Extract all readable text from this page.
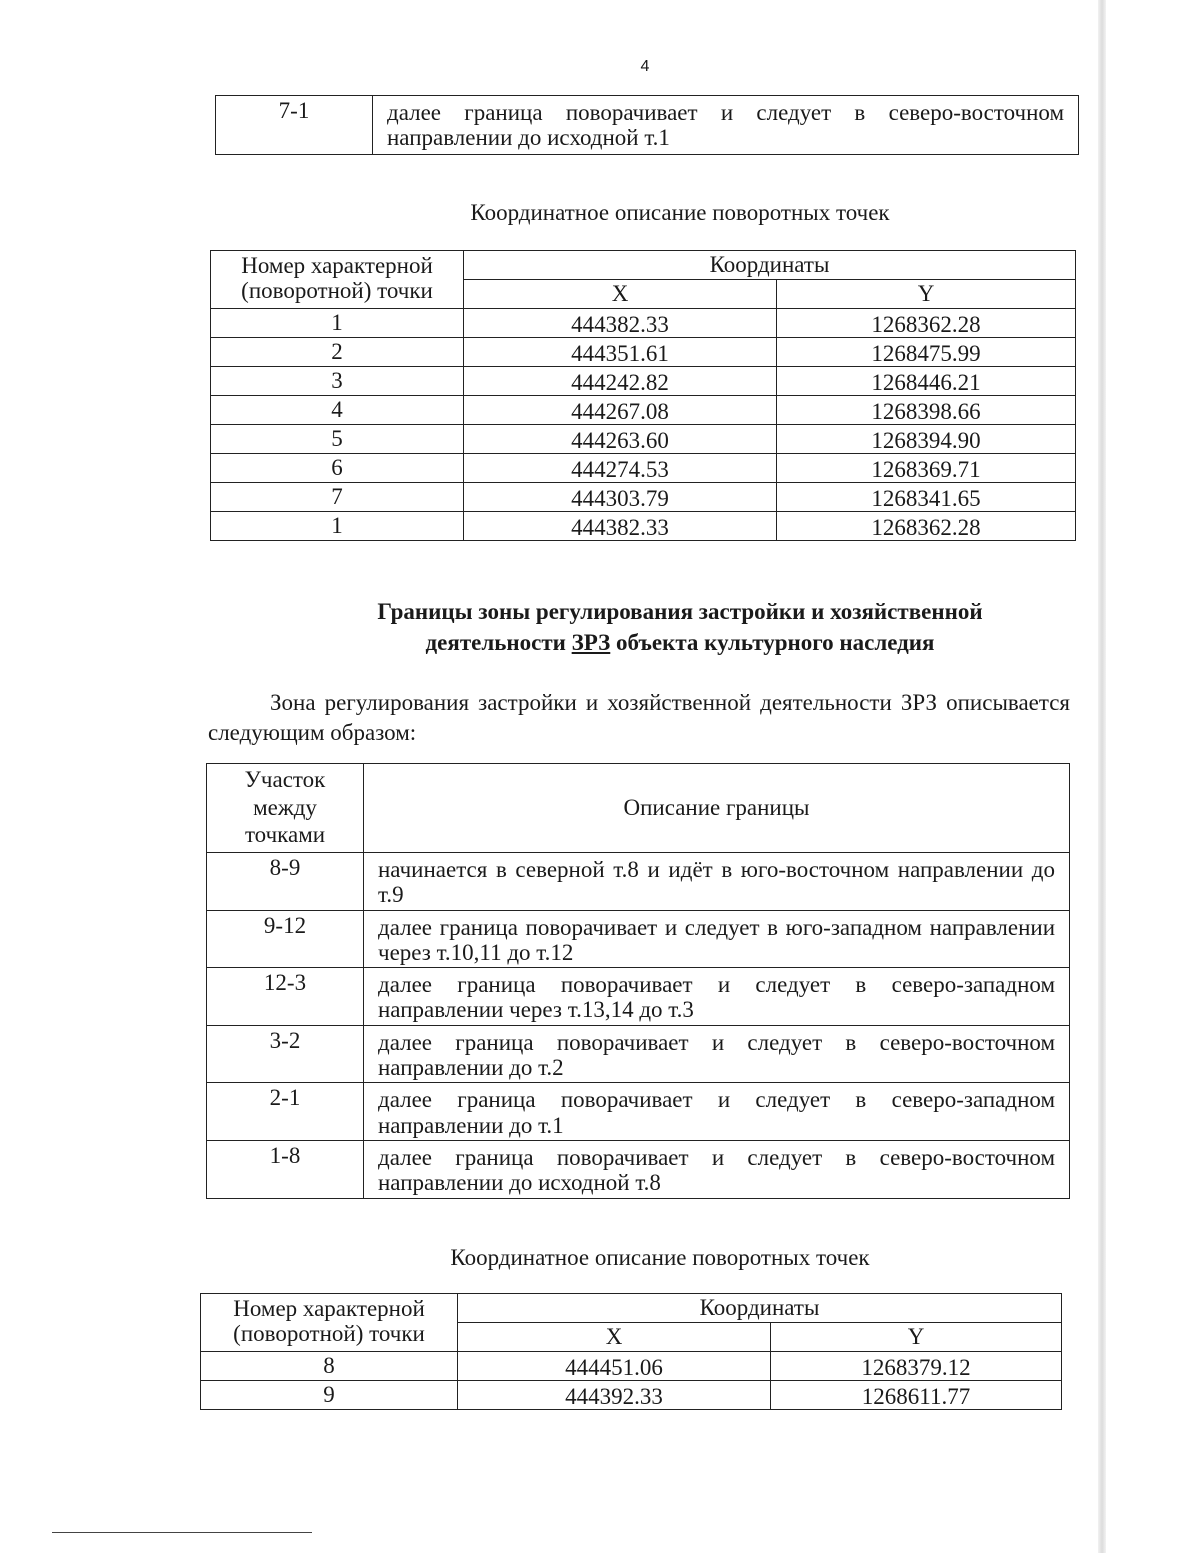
4
7-1	далее граница поворачивает и следует в северо-восточном направлении до исходной т.1
Координатное описание поворотных точек
Номер характерной (поворотной) точки	Координаты	
	X	Y
1	444382.33	1268362.28
2	444351.61	1268475.99
3	444242.82	1268446.21
4	444267.08	1268398.66
5	444263.60	1268394.90
6	444274.53	1268369.71
7	444303.79	1268341.65
1	444382.33	1268362.28
Границы зоны регулирования застройки и хозяйственной
деятельности ЗРЗ объекта культурного наследия
Зона регулирования застройки и хозяйственной деятельности ЗРЗ описывается следующим образом:
Участок между точками	Описание границы
8-9	начинается в северной т.8 и идёт в юго-восточном направлении до т.9
9-12	далее граница поворачивает и следует в юго-западном направлении через т.10,11 до т.12
12-3	далее граница поворачивает и следует в северо-западном направлении через т.13,14 до т.3
3-2	далее граница поворачивает и следует в северо-восточном направлении до т.2
2-1	далее граница поворачивает и следует в северо-западном направлении до т.1
1-8	далее граница поворачивает и следует в северо-восточном направлении до исходной т.8
Координатное описание поворотных точек
Номер характерной (поворотной) точки	Координаты	
	X	Y
8	444451.06	1268379.12
9	444392.33	1268611.77
